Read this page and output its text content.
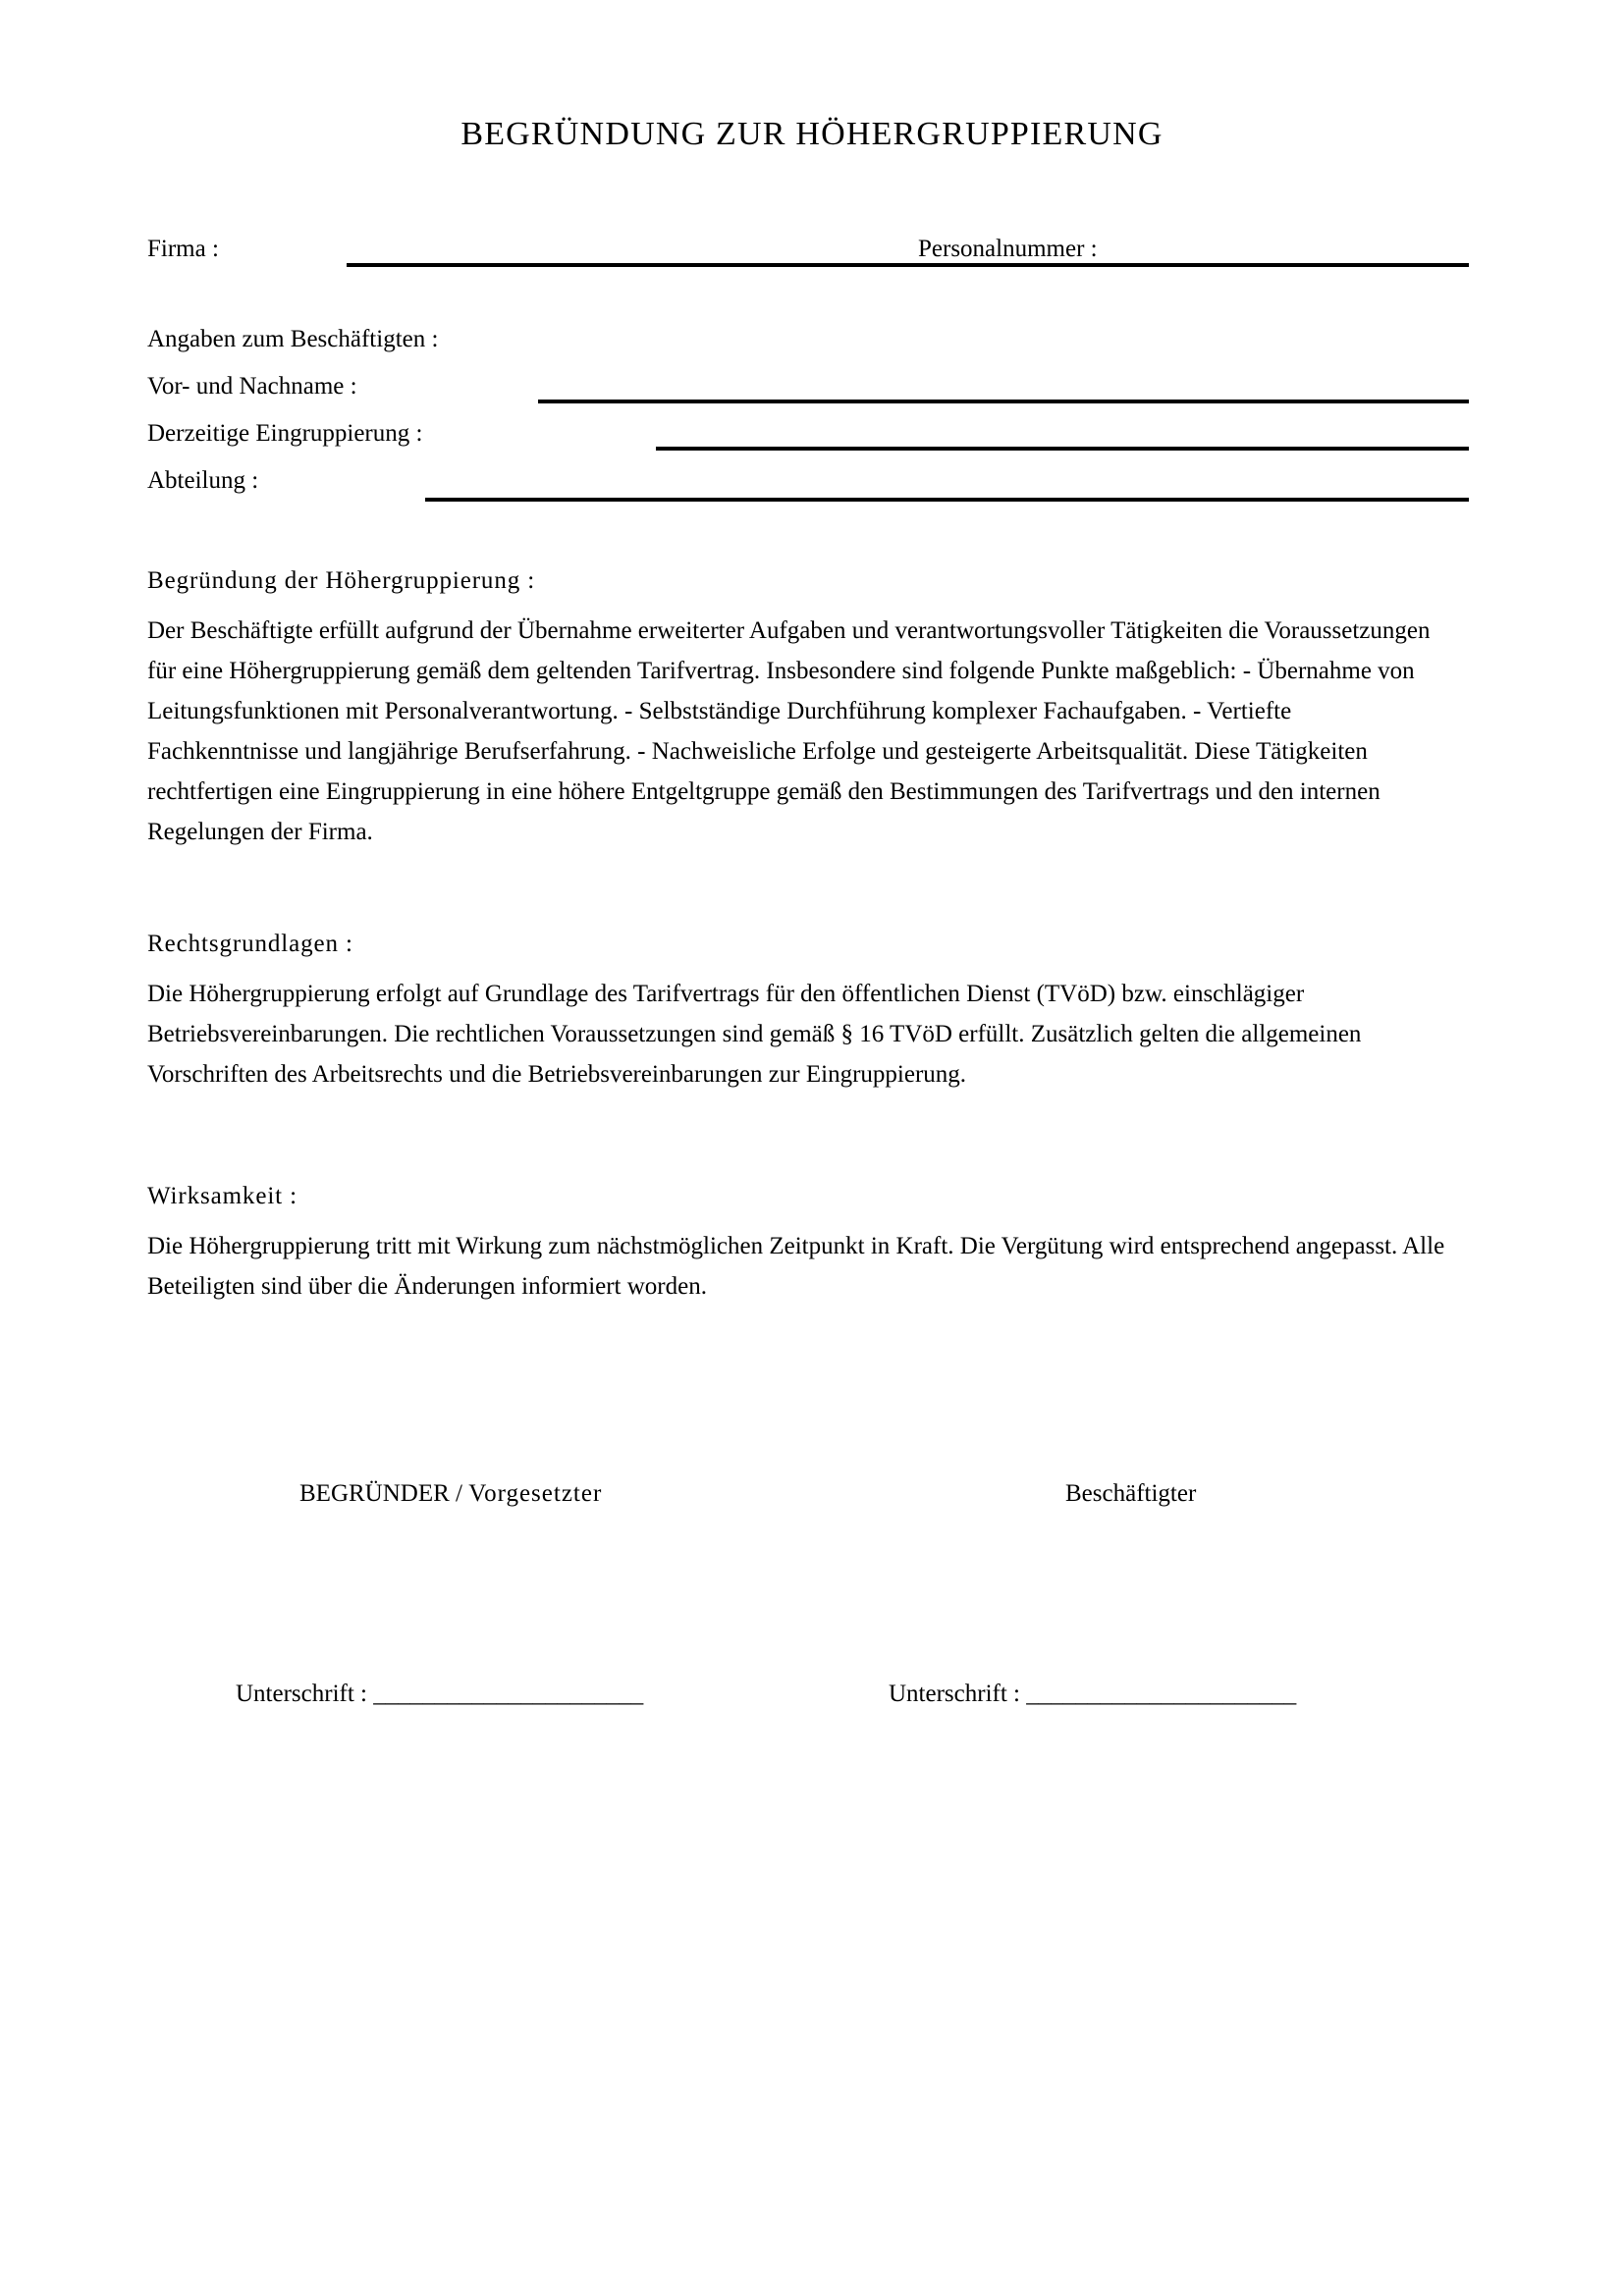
BEGRÜNDUNG ZUR HÖHERGRUPPIERUNG
Firma :	Personalnummer :
Angaben zum Beschäftigten :
Vor- und Nachname :
Derzeitige Eingruppierung :
Abteilung :
Begründung der Höhergruppierung :

Der Beschäftigte erfüllt aufgrund der Übernahme erweiterter Aufgaben und verantwortungsvoller Tätigkeiten die Voraussetzungen für eine Höhergruppierung gemäß dem geltenden Tarifvertrag. Insbesondere sind folgende Punkte maßgeblich: - Übernahme von Leitungsfunktionen mit Personalverantwortung. - Selbstständige Durchführung komplexer Fachaufgaben. - Vertiefte Fachkenntnisse und langjährige Berufserfahrung. - Nachweisliche Erfolge und gesteigerte Arbeitsqualität. Diese Tätigkeiten rechtfertigen eine Eingruppierung in eine höhere Entgeltgruppe gemäß den Bestimmungen des Tarifvertrags und den internen Regelungen der Firma.

Rechtsgrundlagen :

Die Höhergruppierung erfolgt auf Grundlage des Tarifvertrags für den öffentlichen Dienst (TVöD) bzw. einschlägiger Betriebsvereinbarungen. Die rechtlichen Voraussetzungen sind gemäß § 16 TVöD erfüllt. Zusätzlich gelten die allgemeinen Vorschriften des Arbeitsrechts und die Betriebsvereinbarungen zur Eingruppierung.

Wirksamkeit :

Die Höhergruppierung tritt mit Wirkung zum nächstmöglichen Zeitpunkt in Kraft. Die Vergütung wird entsprechend angepasst. Alle Beteiligten sind über die Änderungen informiert worden.

BEGRÜNDER / Vorgesetzter	Beschäftigter
Unterschrift : ______________________	Unterschrift : ______________________
